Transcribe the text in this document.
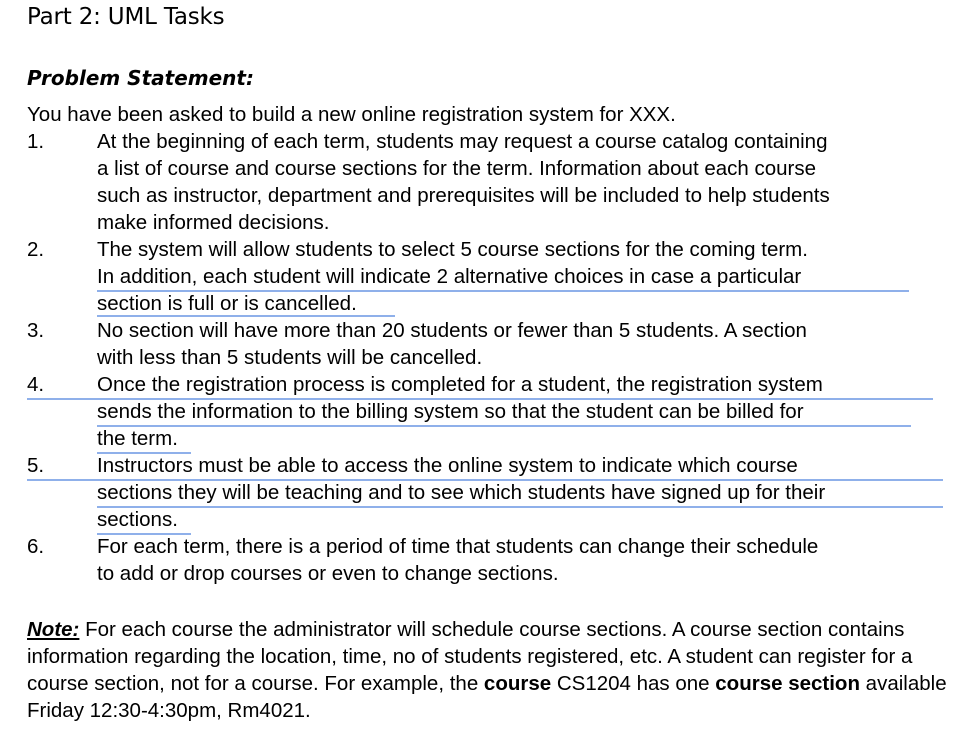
Part 2: UML Tasks
Problem Statement:
You have been asked to build a new online registration system for XXX.
1.	At the beginning of each term, students may request a course catalog containing
a list of course and course sections for the term. Information about each course
such as instructor, department and prerequisites will be included to help students
make informed decisions.
2.	The system will allow students to select 5 course sections for the coming term.
In addition, each student will indicate 2 alternative choices in case a particular
section is full or is cancelled.
3.	No section will have more than 20 students or fewer than 5 students. A section
with less than 5 students will be cancelled.
4.	Once the registration process is completed for a student, the registration system
sends the information to the billing system so that the student can be billed for
the term.
5.	Instructors must be able to access the online system to indicate which course
sections they will be teaching and to see which students have signed up for their
sections.
6.	For each term, there is a period of time that students can change their schedule
to add or drop courses or even to change sections.
Note: For each course the administrator will schedule course sections. A course section contains information regarding the location, time, no of students registered, etc. A student can register for a course section, not for a course. For example, the course CS1204 has one course section available Friday 12:30-4:30pm, Rm4021.
